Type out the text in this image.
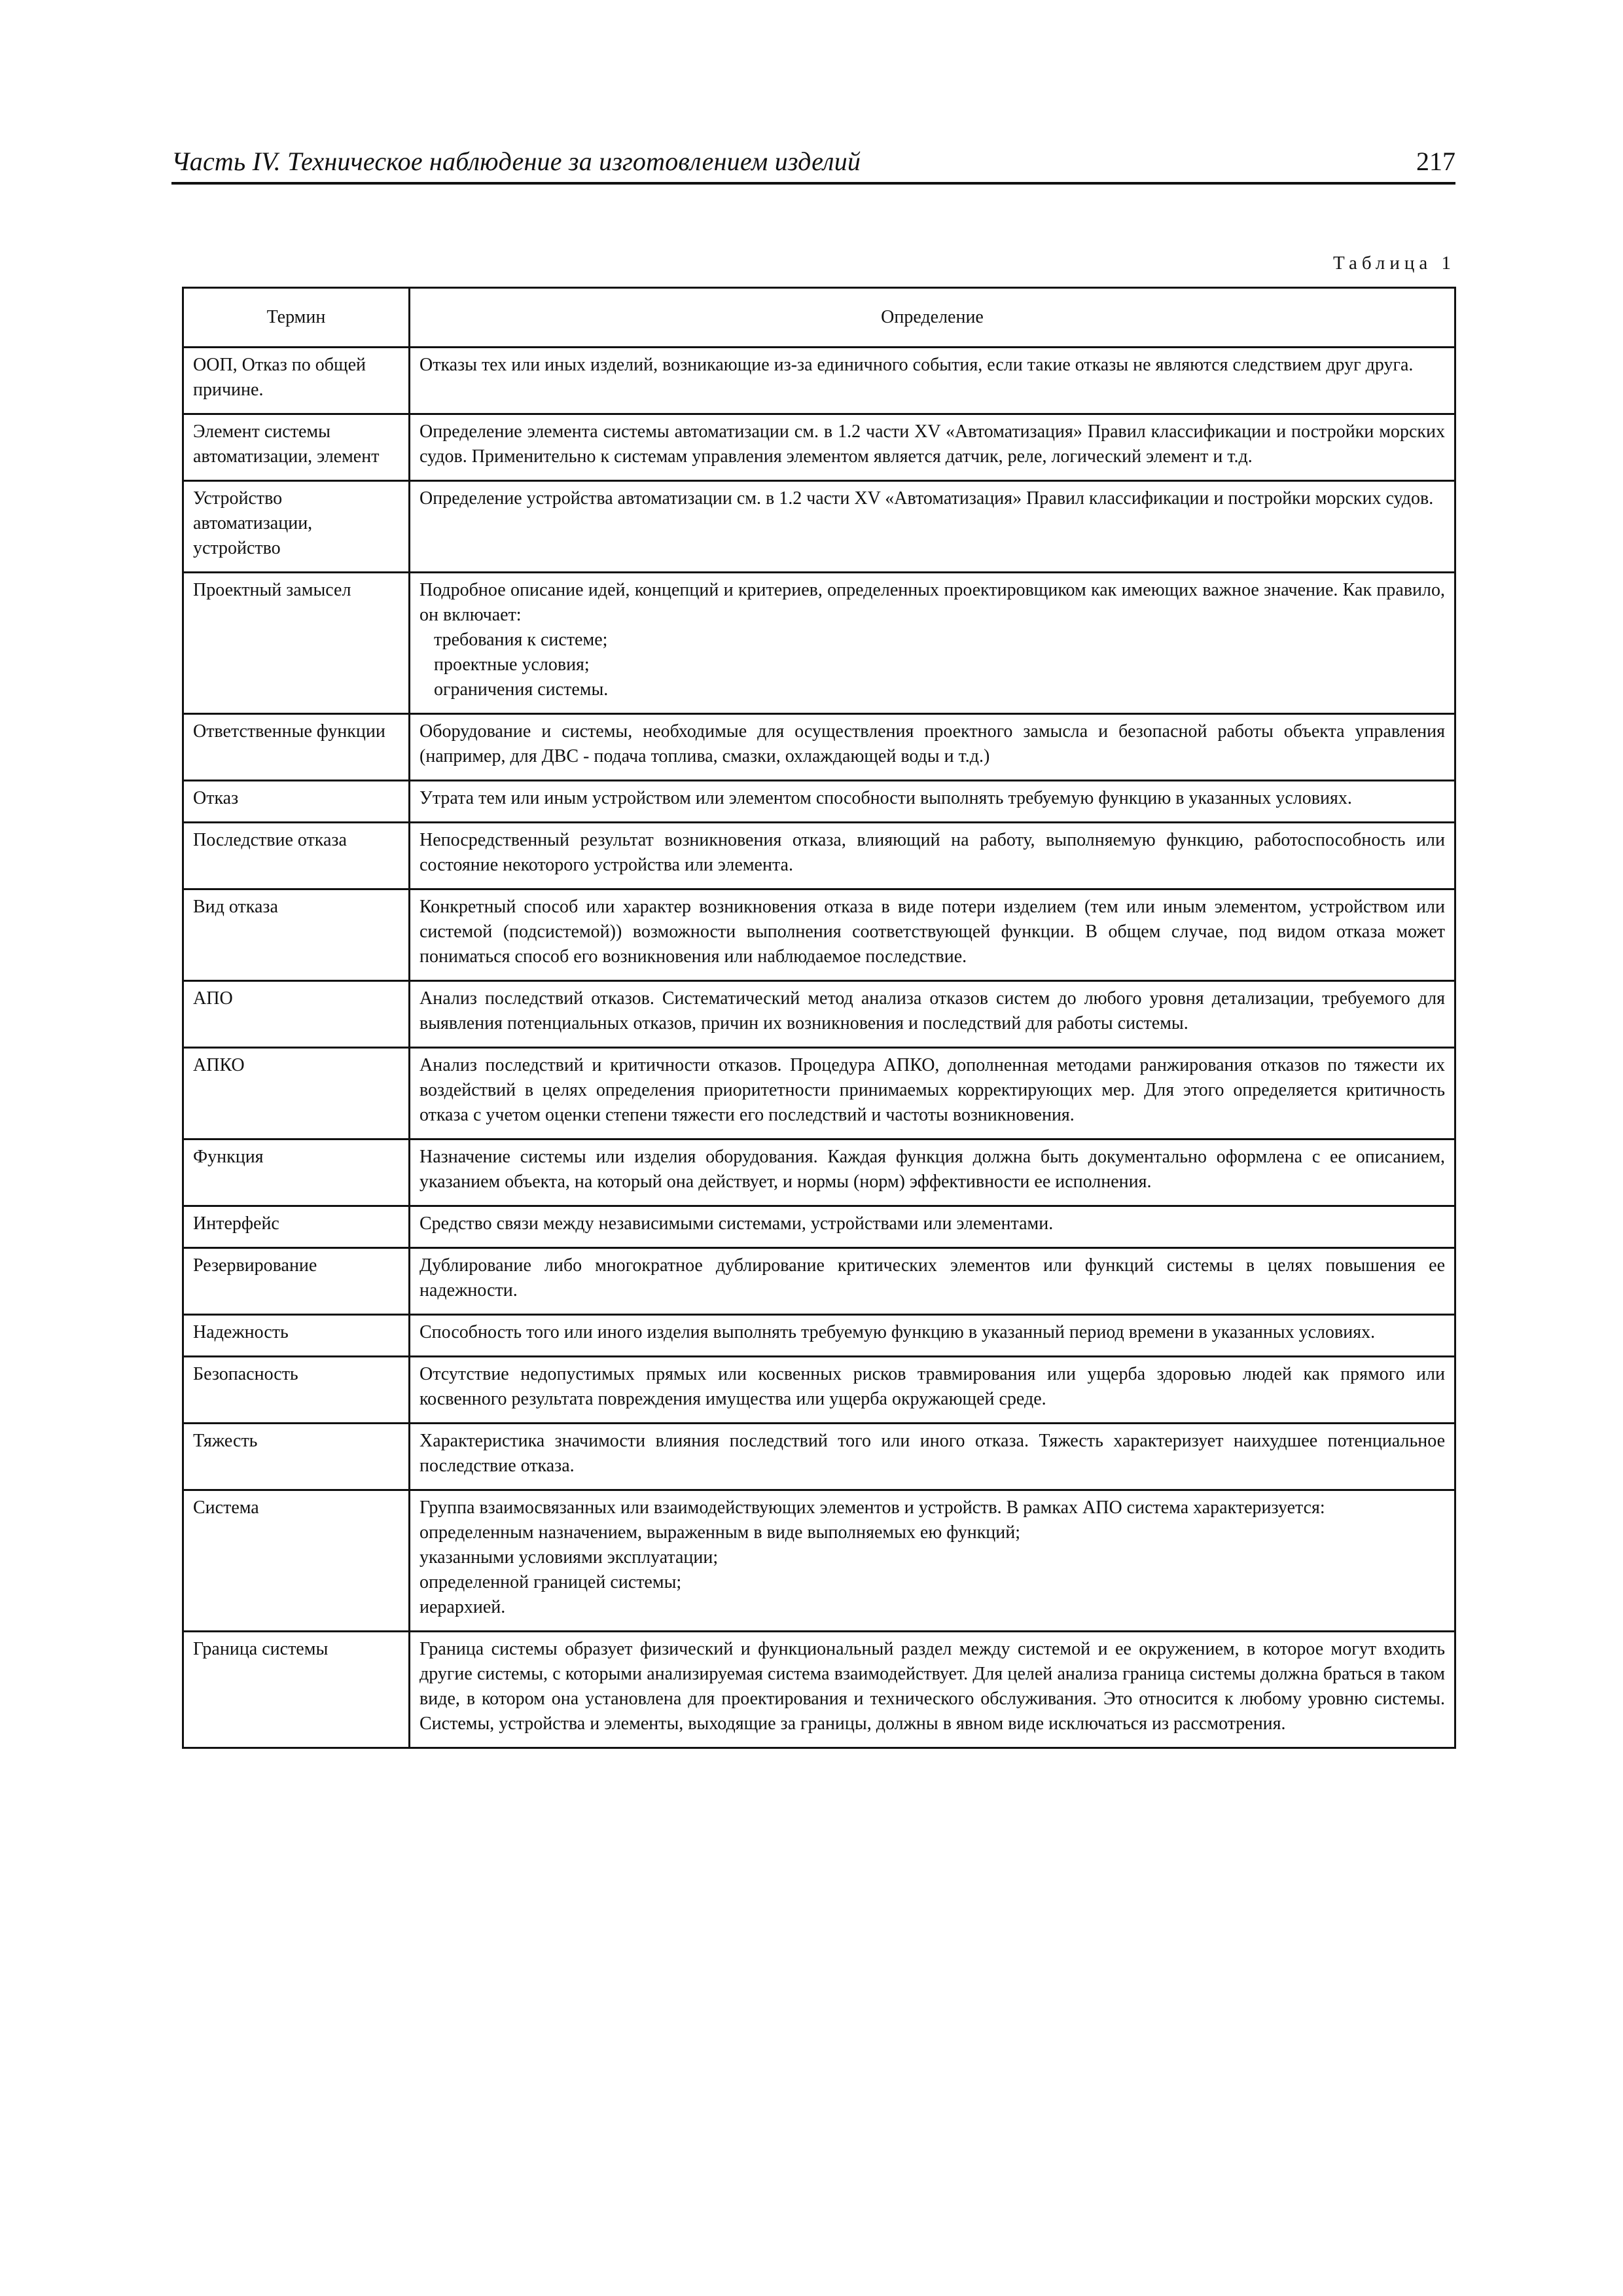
Часть IV. Техническое наблюдение за изготовлением изделий	217
Таблица 1
Термин	Определение
ООП, Отказ по общей причине.	Отказы тех или иных изделий, возникающие из-за единичного события, если такие отказы не являются следствием друг друга.

Элемент системы автоматизации, элемент	Определение элемента системы автоматизации см. в 1.2 части XV «Автоматизация» Правил классификации и постройки морских судов. Применительно к системам управления элементом является датчик, реле, логический элемент и т.д.

Устройство автоматизации, устройство	Определение устройства автоматизации см. в 1.2 части XV «Автоматизация» Правил классификации и постройки морских судов.

Проектный замысел	Подробное описание идей, концепций и критериев, определенных проектировщиком как имеющих важное значение. Как правило, он включает:
требования к системе;
проектные условия;
ограничения системы.

Ответственные функции	Оборудование и системы, необходимые для осуществления проектного замысла и безопасной работы объекта управления (например, для ДВС - подача топлива, смазки, охлаждающей воды и т.д.)

Отказ	Утрата тем или иным устройством или элементом способности выполнять требуемую функцию в указанных условиях.

Последствие отказа	Непосредственный результат возникновения отказа, влияющий на работу, выполняемую функцию, работоспособность или состояние некоторого устройства или элемента.

Вид отказа	Конкретный способ или характер возникновения отказа в виде потери изделием (тем или иным элементом, устройством или системой (подсистемой)) возможности выполнения соответствующей функции. В общем случае, под видом отказа может пониматься способ его возникновения или наблюдаемое последствие.

АПО	Анализ последствий отказов. Систематический метод анализа отказов систем до любого уровня детализации, требуемого для выявления потенциальных отказов, причин их возникновения и последствий для работы системы.

АПКО	Анализ последствий и критичности отказов. Процедура АПКО, дополненная методами ранжирования отказов по тяжести их воздействий в целях определения приоритетности принимаемых корректирующих мер. Для этого определяется критичность отказа с учетом оценки степени тяжести его последствий и частоты возникновения.

Функция	Назначение системы или изделия оборудования. Каждая функция должна быть документально оформлена с ее описанием, указанием объекта, на который она действует, и нормы (норм) эффективности ее исполнения.

Интерфейс	Средство связи между независимыми системами, устройствами или элементами.

Резервирование	Дублирование либо многократное дублирование критических элементов или функций системы в целях повышения ее надежности.

Надежность	Способность того или иного изделия выполнять требуемую функцию в указанный период времени в указанных условиях.

Безопасность	Отсутствие недопустимых прямых или косвенных рисков травмирования или ущерба здоровью людей как прямого или косвенного результата повреждения имущества или ущерба окружающей среде.

Тяжесть	Характеристика значимости влияния последствий того или иного отказа. Тяжесть характеризует наихудшее потенциальное последствие отказа.

Система	Группа взаимосвязанных или взаимодействующих элементов и устройств. В рамках АПО система характеризуется:
определенным назначением, выраженным в виде выполняемых ею функций;
указанными условиями эксплуатации;
определенной границей системы;
иерархией.

Граница системы	Граница системы образует физический и функциональный раздел между системой и ее окружением, в которое могут входить другие системы, с которыми анализируемая система взаимодействует. Для целей анализа граница системы должна браться в таком виде, в котором она установлена для проектирования и технического обслуживания. Это относится к любому уровню системы. Системы, устройства и элементы, выходящие за границы, должны в явном виде исключаться из рассмотрения.
